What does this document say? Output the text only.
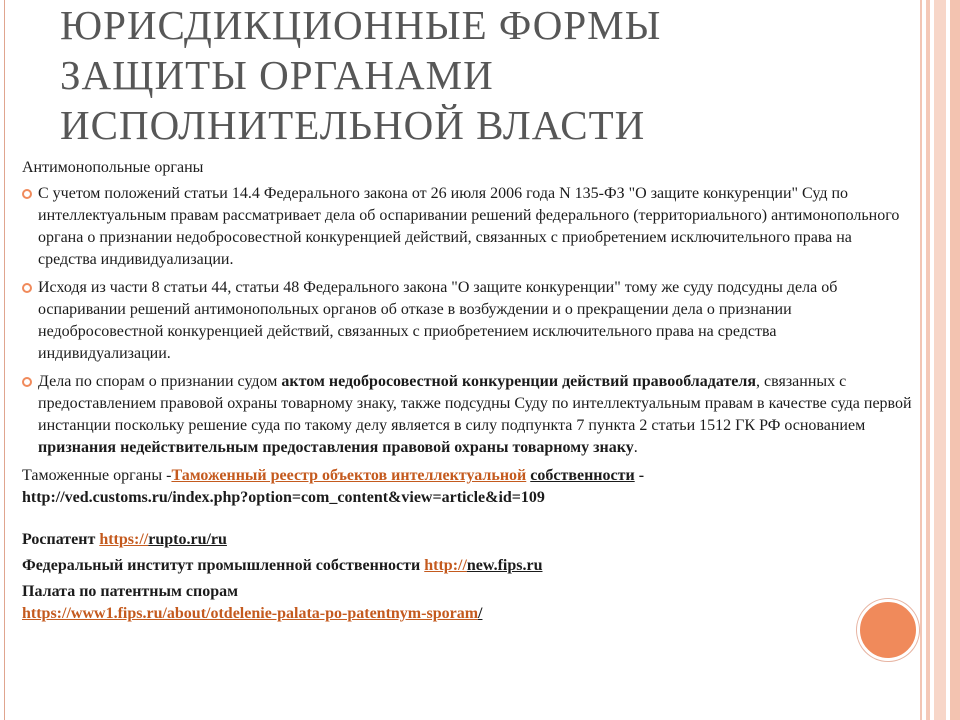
ЮРИСДИКЦИОННЫЕ ФОРМЫ
ЗАЩИТЫ ОРГАНАМИ
ИСПОЛНИТЕЛЬНОЙ ВЛАСТИ
Антимонопольные органы
С учетом положений статьи 14.4 Федерального закона от 26 июля 2006 года N 135-ФЗ "О защите конкуренции" Суд по интеллектуальным правам рассматривает дела об оспаривании решений федерального (территориального) антимонопольного органа о признании недобросовестной конкуренцией действий, связанных с приобретением исключительного права на средства индивидуализации.
Исходя из части 8 статьи 44, статьи 48 Федерального закона "О защите конкуренции" тому же суду подсудны дела об оспаривании решений антимонопольных органов об отказе в возбуждении и о прекращении дела о признании недобросовестной конкуренцией действий, связанных с приобретением исключительного права на средства индивидуализации.
Дела по спорам о признании судом актом недобросовестной конкуренции действий правообладателя, связанных с предоставлением правовой охраны товарному знаку, также подсудны Суду по интеллектуальным правам в качестве суда первой инстанции поскольку решение суда по такому делу является в силу подпункта 7 пункта 2 статьи 1512 ГК РФ основанием признания недействительным предоставления правовой охраны товарному знаку.
Таможенные органы -Таможенный реестр объектов интеллектуальной собственности -
http://ved.customs.ru/index.php?option=com_content&view=article&id=109
Роспатент https://rupto.ru/ru
Федеральный институт промышленной собственности http://new.fips.ru
Палата по патентным спорам
https://www1.fips.ru/about/otdelenie-palata-po-patentnym-sporam/
